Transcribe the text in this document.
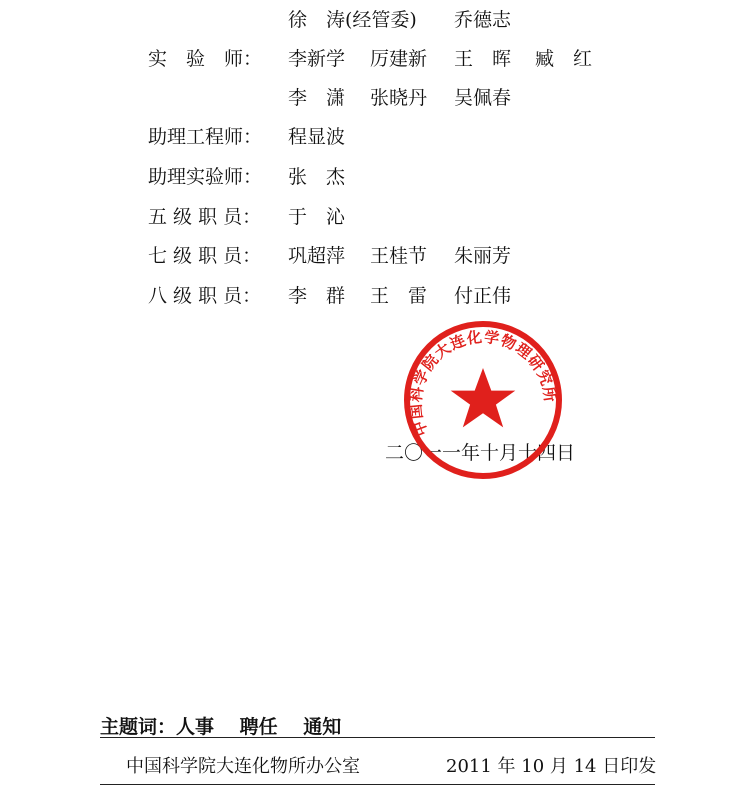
徐　涛(经管委) 乔德志
实　验　师： 李新学 厉建新 王　晖 臧　红
李　潇 张晓丹 吴佩春
助理工程师： 程显波
助理实验师： 张　杰
五 级 职 员： 于　沁
七 级 职 员： 巩超萍 王桂节 朱丽芳
八 级 职 员： 李　群 王　雷 付正伟
二〇一一年十月十四日
中国科学院大连化学物理研究所
主题词：人事　 聘任　 通知
中国科学院大连化物所办公室	2011 年 10 月 14 日印发
